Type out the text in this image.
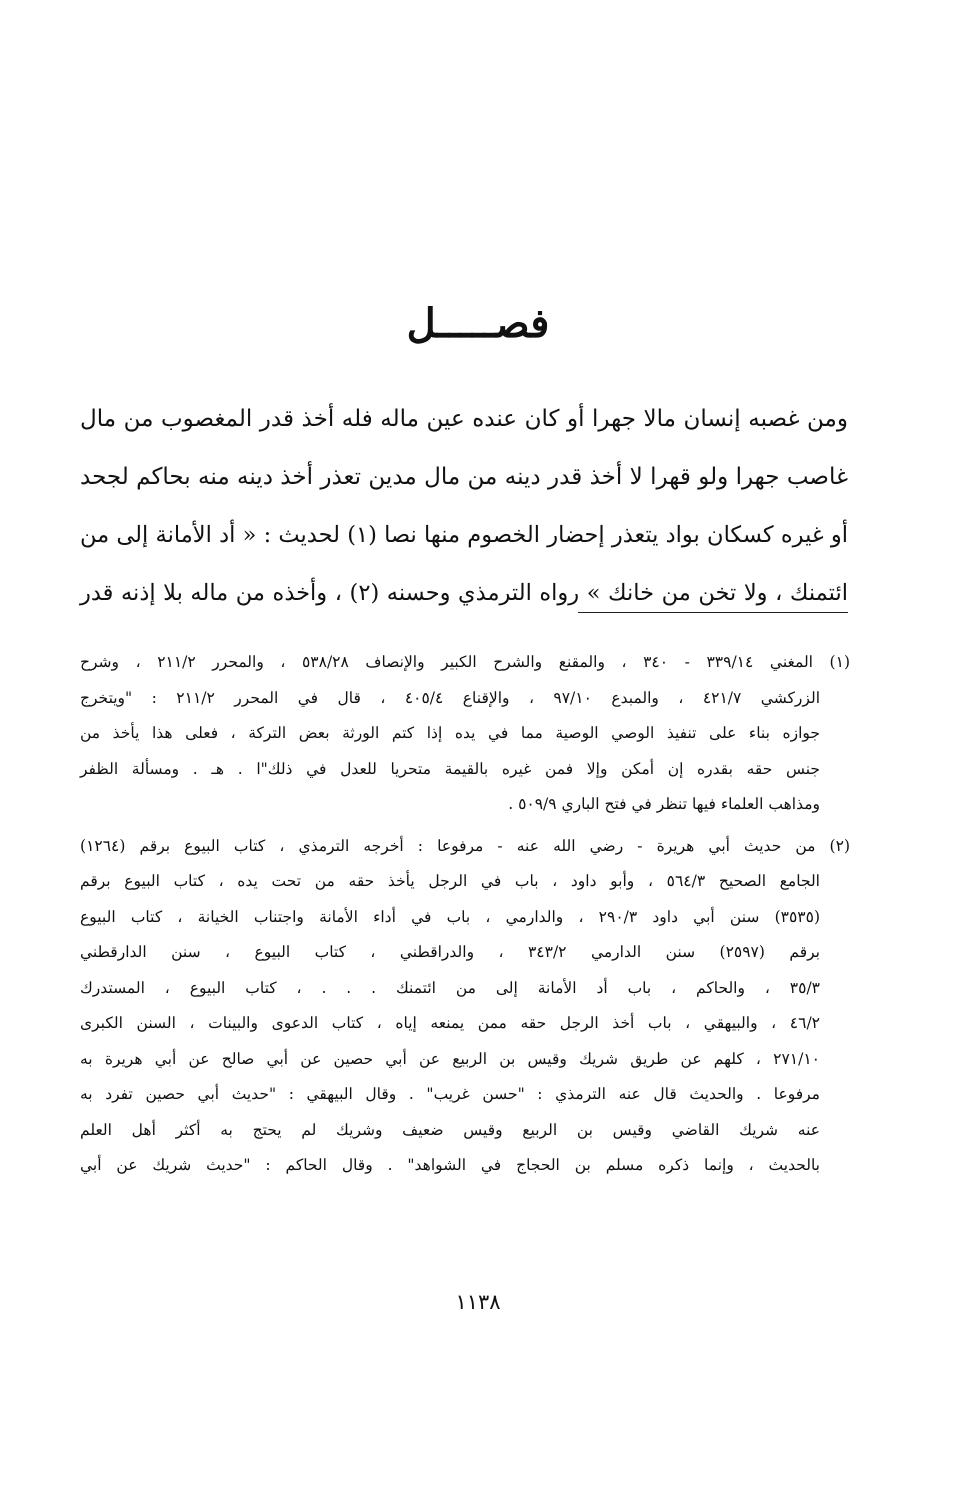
فصـــــل
ومن غصبه إنسان مالا جهرا أو كان عنده عين ماله فله أخذ قدر المغصوب من مال
غاصب جهرا ولو قهرا لا أخذ قدر دينه من مال مدين تعذر أخذ دينه منه بحاكم لجحد
أو غيره كسكان بواد يتعذر إحضار الخصوم منها نصا (١) لحديث : « أد الأمانة إلى من
ائتمنك ، ولا تخن من خانك » رواه الترمذي وحسنه (٢) ، وأخذه من ماله بلا إذنه قدر
(١) المغني ٣٣٩/١٤ - ٣٤٠ ، والمقنع والشرح الكبير والإنصاف ٥٣٨/٢٨ ، والمحرر ٢١١/٢ ، وشرح
الزركشي ٤٢١/٧ ، والمبدع ٩٧/١٠ ، والإقناع ٤٠٥/٤ ، قال في المحرر ٢١١/٢ : "ويتخرج
جوازه بناء على تنفيذ الوصي الوصية مما في يده إذا كتم الورثة بعض التركة ، فعلى هذا يأخذ من
جنس حقه بقدره إن أمكن وإلا فمن غيره بالقيمة متحريا للعدل في ذلك"ا . هـ . ومسألة الظفر
ومذاهب العلماء فيها تنظر في فتح الباري ٥٠٩/٩ .
(٢) من حديث أبي هريرة - رضي الله عنه - مرفوعا : أخرجه الترمذي ، كتاب البيوع برقم (١٢٦٤)
الجامع الصحيح ٥٦٤/٣ ، وأبو داود ، باب في الرجل يأخذ حقه من تحت يده ، كتاب البيوع برقم
(٣٥٣٥) سنن أبي داود ٢٩٠/٣ ، والدارمي ، باب في أداء الأمانة واجتناب الخيانة ، كتاب البيوع
برقم (٢٥٩٧) سنن الدارمي ٣٤٣/٢ ، والدراقطني ، كتاب البيوع ، سنن الدارقطني
٣٥/٣ ، والحاكم ، باب أد الأمانة إلى من ائتمنك . . . ، كتاب البيوع ، المستدرك
٤٦/٢ ، والبيهقي ، باب أخذ الرجل حقه ممن يمنعه إياه ، كتاب الدعوى والبينات ، السنن الكبرى
٢٧١/١٠ ، كلهم عن طريق شريك وقيس بن الربيع عن أبي حصين عن أبي صالح عن أبي هريرة به
مرفوعا . والحديث قال عنه الترمذي : "حسن غريب" . وقال البيهقي : "حديث أبي حصين تفرد به
عنه شريك القاضي وقيس بن الربيع وقيس ضعيف وشريك لم يحتج به أكثر أهل العلم
بالحديث ، وإنما ذكره مسلم بن الحجاج في الشواهد" . وقال الحاكم : "حديث شريك عن أبي
١١٣٨
